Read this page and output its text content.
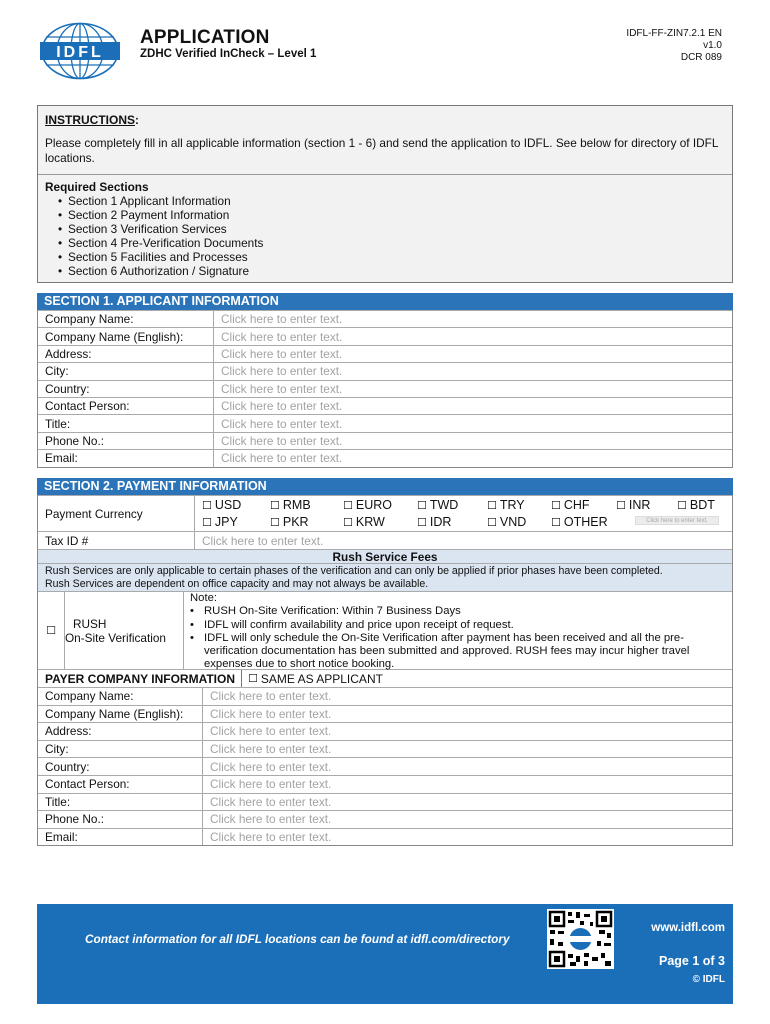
IDFL
APPLICATION
ZDHC Verified InCheck – Level 1
IDFL-FF-ZIN7.2.1 EN
v1.0
DCR 089
INSTRUCTIONS:
Please completely fill in all applicable information (section 1 - 6) and send the application to IDFL. See below for directory of IDFL locations.
Required Sections
• Section 1 Applicant Information
• Section 2 Payment Information
• Section 3 Verification Services
• Section 4 Pre-Verification Documents
• Section 5 Facilities and Processes
• Section 6 Authorization / Signature
SECTION 1. APPLICANT INFORMATION
Company Name:	Click here to enter text.
Company Name (English):	Click here to enter text.
Address:	Click here to enter text.
City:	Click here to enter text.
Country:	Click here to enter text.
Contact Person:	Click here to enter text.
Title:	Click here to enter text.
Phone No.:	Click here to enter text.
Email:	Click here to enter text.
SECTION 2. PAYMENT INFORMATION
Payment Currency
☐ USD	☐ RMB	☐ EURO ☐ TWD	☐ TRY ☐ CHF ☐ INR ☐ BDT
☐ JPY	☐ PKR	☐ KRW	☐ IDR	☐ VND ☐ OTHER	Click here to enter text.
Tax ID #	Click here to enter text.
Rush Service Fees
Rush Services are only applicable to certain phases of the verification and can only be applied if prior phases have been completed.
Rush Services are dependent on office capacity and may not always be available.
☐	RUSH
On-Site Verification
Note:
• RUSH On-Site Verification: Within 7 Business Days
• IDFL will confirm availability and price upon receipt of request.
• IDFL will only schedule the On-Site Verification after payment has been received and all the pre-verification documentation has been submitted and approved. RUSH fees may incur higher travel expenses due to short notice booking.
PAYER COMPANY INFORMATION	☐ SAME AS APPLICANT
Company Name:	Click here to enter text.
Company Name (English):	Click here to enter text.
Address:	Click here to enter text.
City:	Click here to enter text.
Country:	Click here to enter text.
Contact Person:	Click here to enter text.
Title:	Click here to enter text.
Phone No.:	Click here to enter text.
Email:	Click here to enter text.
Contact information for all IDFL locations can be found at idfl.com/directory
www.idfl.com
Page 1 of 3
© IDFL
